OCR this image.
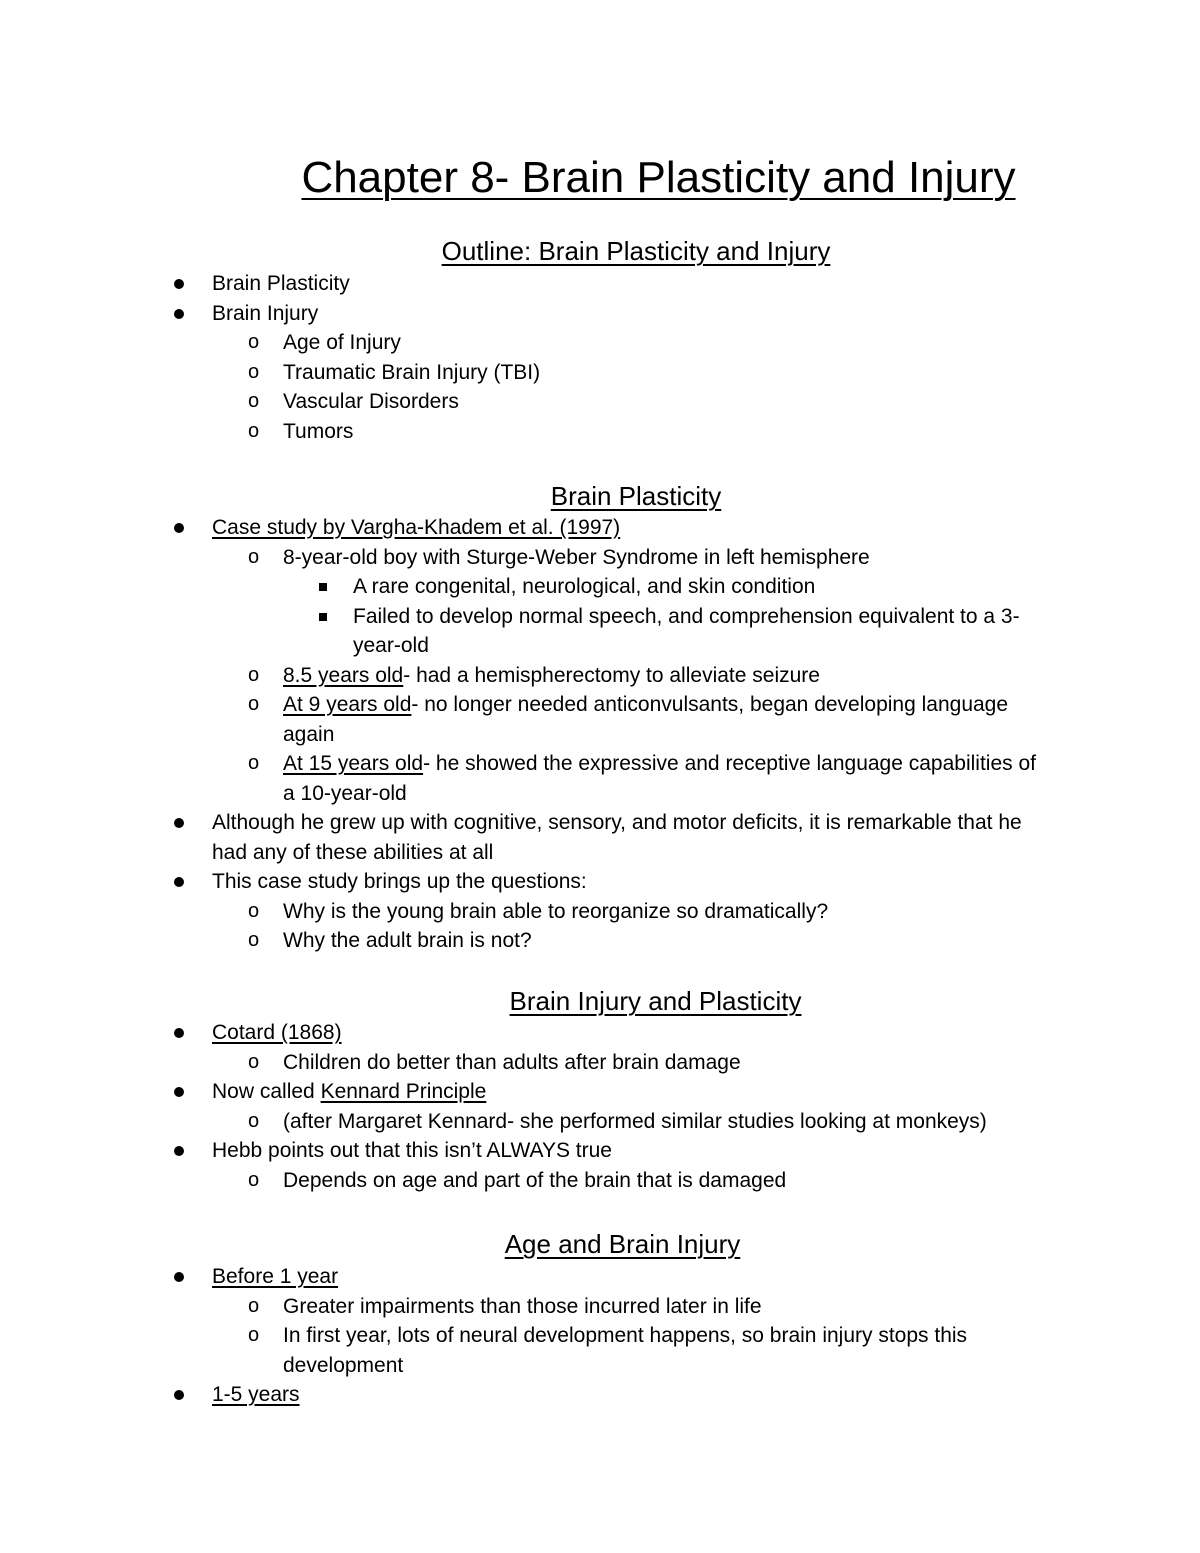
Chapter 8- Brain Plasticity and Injury
Outline: Brain Plasticity and Injury
Brain Plasticity
Brain Injury
o Age of Injury
o Traumatic Brain Injury (TBI)
o Vascular Disorders
o Tumors
Brain Plasticity
Case study by Vargha-Khadem et al. (1997)
o 8-year-old boy with Sturge-Weber Syndrome in left hemisphere
A rare congenital, neurological, and skin condition
Failed to develop normal speech, and comprehension equivalent to a 3-year-old
o 8.5 years old- had a hemispherectomy to alleviate seizure
o At 9 years old- no longer needed anticonvulsants, began developing language again
o At 15 years old- he showed the expressive and receptive language capabilities of a 10-year-old
Although he grew up with cognitive, sensory, and motor deficits, it is remarkable that he had any of these abilities at all
This case study brings up the questions:
o Why is the young brain able to reorganize so dramatically?
o Why the adult brain is not?
Brain Injury and Plasticity
Cotard (1868)
o Children do better than adults after brain damage
Now called Kennard Principle
o (after Margaret Kennard- she performed similar studies looking at monkeys)
Hebb points out that this isn’t ALWAYS true
o Depends on age and part of the brain that is damaged
Age and Brain Injury
Before 1 year
o Greater impairments than those incurred later in life
o In first year, lots of neural development happens, so brain injury stops this development
1-5 years
